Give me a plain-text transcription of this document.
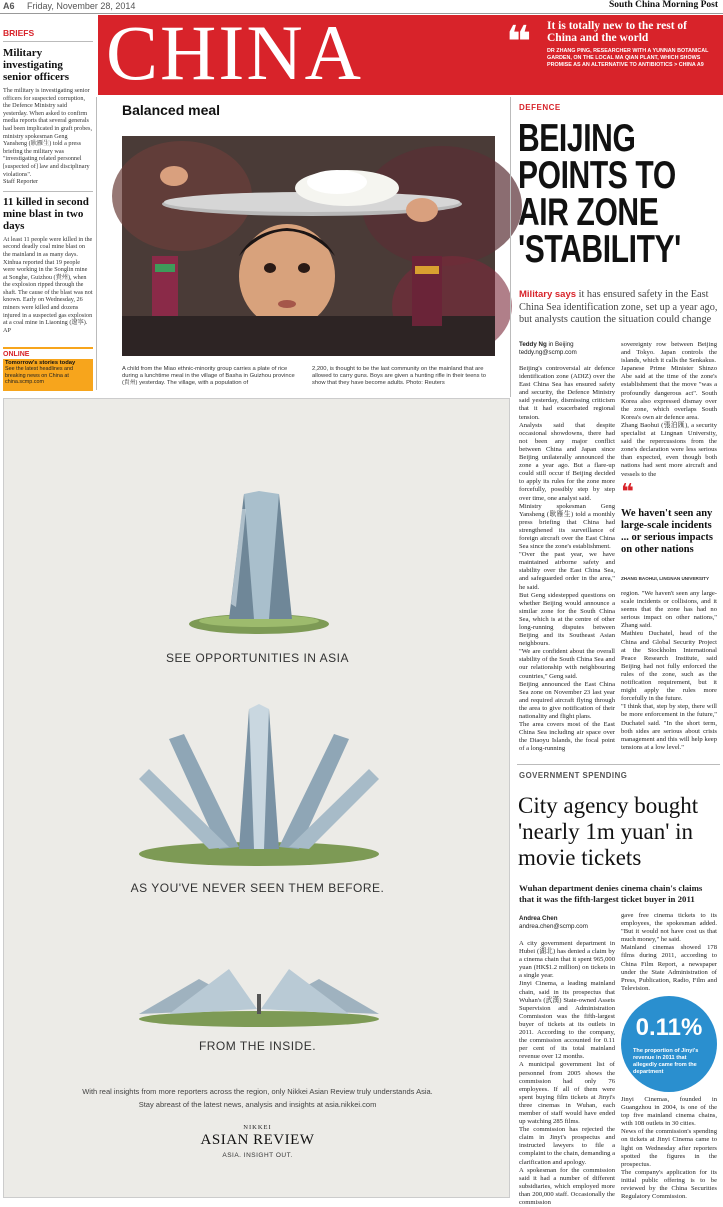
A6 Friday, November 28, 2014	South China Morning Post
CHINA	❝ It is totally new to the rest of China and the world
DR ZHANG PING, RESEARCHER WITH A YUNNAN BOTANICAL GARDEN, ON THE LOCAL MA QIAN PLANT, WHICH SHOWS PROMISE AS AN ALTERNATIVE TO ANTIBIOTICS > CHINA A9
BRIEFS
Military investigating senior officers
The military is investigating senior officers for suspected corruption, the Defence Ministry said yesterday. When asked to confirm media reports that several generals had been implicated in graft probes, ministry spokesman Geng Yansheng (耿雁生) told a press briefing the military was "investigating related personnel [suspected of] law and disciplinary violations".
Staff Reporter
11 killed in second mine blast in two days
At least 11 people were killed in the second deadly coal mine blast on the mainland in as many days. Xinhua reported that 19 people were working in the Songlin mine at Songhe, Guizhou (貴州), when the explosion ripped through the shaft. The cause of the blast was not known. Early on Wednesday, 26 miners were killed and dozens injured in a suspected gas explosion at a coal mine in Liaoning (遼寧).
AP
ONLINE
Tomorrow's stories today
See the latest headlines and breaking news on China at china.scmp.com
Balanced meal
A child from the Miao ethnic-minority group carries a plate of rice during a lunchtime meal in the village of Basha in Guizhou province (貴州) yesterday. The village, with a population of
2,200, is thought to be the last community on the mainland that are allowed to carry guns. Boys are given a hunting rifle in their teens to show that they have become adults. Photo: Reuters
SEE OPPORTUNITIES IN ASIA
AS YOU'VE NEVER SEEN THEM BEFORE.
FROM THE INSIDE.
With real insights from more reporters across the region, only Nikkei Asian Review truly understands Asia.
Stay abreast of the latest news, analysis and insights at asia.nikkei.com
NIKKEI
ASIAN REVIEW
ASIA. INSIGHT OUT.
DEFENCE
BEIJING POINTS TO AIR ZONE 'STABILITY'
Military says it has ensured safety in the East China Sea identification zone, set up a year ago, but analysts caution the situation could change
Teddy Ng in Beijing
teddy.ng@scmp.com
Beijing's controversial air defence identification zone (ADIZ) over the East China Sea has ensured safety and security, the Defence Ministry said yesterday, dismissing criticism that it had exacerbated regional tension.
Analysts said that despite occasional showdowns, there had not been any major conflict between China and Japan since Beijing unilaterally announced the zone a year ago. But a flare-up could still occur if Beijing decided to apply its rules for the zone more forcefully, possibly step by step over time, one analyst said.
Ministry spokesman Geng Yansheng (耿雁生) told a monthly press briefing that China had strengthened its surveillance of foreign aircraft over the East China Sea since the zone's establishment.
"Over the past year, we have maintained airborne safety and stability over the East China Sea, and safeguarded order in the area," he said.
But Geng sidestepped questions on whether Beijing would announce a similar zone for the South China Sea, which is at the centre of other long-running disputes between Beijing and its Southeast Asian neighbours.
"We are confident about the overall stability of the South China Sea and our relationship with neighbouring countries," Geng said.
Beijing announced the East China Sea zone on November 23 last year and required aircraft flying through the area to give notification of their nationality and flight plans.
The area covers most of the East China Sea including air space over the Diaoyu Islands, the focal point of a long-running
sovereignty row between Beijing and Tokyo. Japan controls the islands, which it calls the Senkakus.
Japanese Prime Minister Shinzo Abe said at the time of the zone's establishment that the move "was a profoundly dangerous act". South Korea also expressed dismay over the zone, which overlaps South Korea's own air defence area.
Zhang Baohui (張泊匯), a security specialist at Lingnan University, said the repercussions from the zone's declaration were less serious than expected, even though both nations had sent more aircraft and vessels to the
❝
We haven't seen any large-scale incidents ... or serious impacts on other nations
ZHANG BAOHUI, LINGNAN UNIVERSITY
region. "We haven't seen any large-scale incidents or collisions, and it seems that the zone has had no serious impact on other nations," Zhang said.
Mathieu Duchatel, head of the China and Global Security Project at the Stockholm International Peace Research Institute, said Beijing had not fully enforced the rules of the zone, such as the notification requirement, but it might apply the rules more forcefully in the future.
"I think that, step by step, there will be more enforcement in the future," Duchatel said. "In the short term, both sides are serious about crisis management and this will help keep tensions at a low level."
GOVERNMENT SPENDING
City agency bought 'nearly 1m yuan' in movie tickets
Wuhan department denies cinema chain's claims that it was the fifth-largest ticket buyer in 2011
Andrea Chen
andrea.chen@scmp.com
A city government department in Hubei (湖北) has denied a claim by a cinema chain that it spent 965,000 yuan (HK$1.2 million) on tickets in a single year.
Jinyi Cinema, a leading mainland chain, said in its prospectus that Wuhan's (武漢) State-owned Assets Supervision and Administration Commission was the fifth-largest buyer of tickets at its outlets in 2011. According to the company, the commission accounted for 0.11 per cent of its total mainland revenue over 12 months.
A municipal government list of personnel from 2005 shows the commission had only 76 employees. If all of them were spent buying film tickets at Jinyi's three cinemas in Wuhan, each member of staff would have ended up watching 285 films.
The commission has rejected the claim in Jinyi's prospectus and instructed lawyers to file a complaint to the chain, demanding a clarification and apology.
A spokesman for the commission said it had a number of different subsidiaries, which employed more than 200,000 staff. Occasionally the commission
gave free cinema tickets to its employees, the spokesman added. "But it would not have cost us that much money," he said.
Mainland cinemas showed 178 films during 2011, according to China Film Report, a newspaper under the State Administration of Press, Publication, Radio, Film and Television.
0.11%
The proportion of Jinyi's revenue in 2011 that allegedly came from the department
Jinyi Cinemas, founded in Guangzhou in 2004, is one of the top five mainland cinema chains, with 108 outlets in 30 cities.
News of the commission's spending on tickets at Jinyi Cinema came to light on Wednesday after reporters spotted the figures in the prospectus.
The company's application for its initial public offering is to be reviewed by the China Securities Regulatory Commission.
